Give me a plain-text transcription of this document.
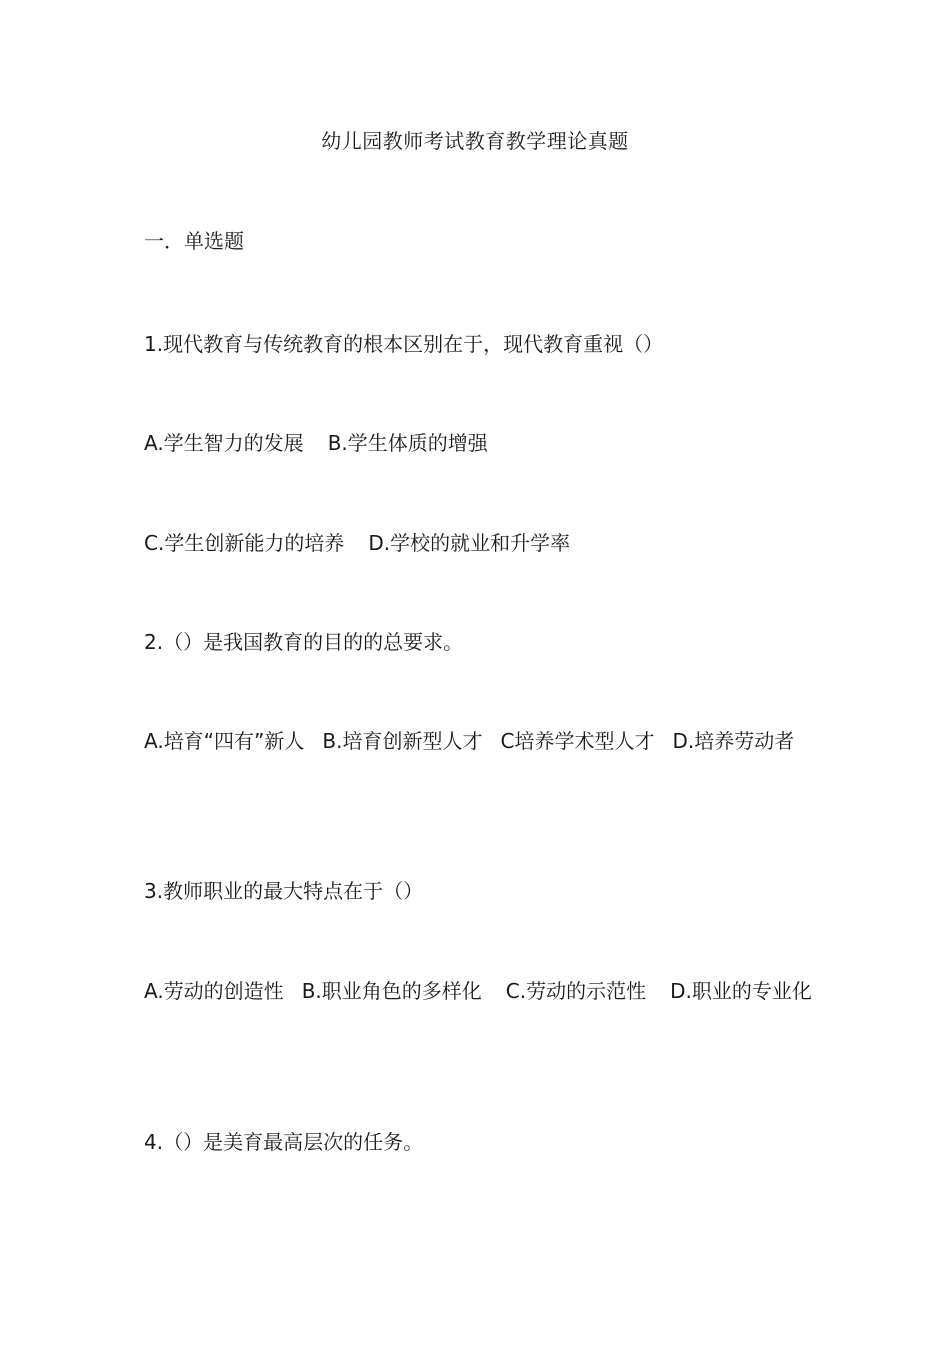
幼儿园教师考试教育教学理论真题
一．单选题
1.现代教育与传统教育的根本区别在于，现代教育重视（）
A.学生智力的发展 B.学生体质的增强
C.学生创新能力的培养 D.学校的就业和升学率
2.（）是我国教育的目的的总要求。
A.培育“四有”新人 B.培育创新型人才 C培养学术型人才 D.培养劳动者
3.教师职业的最大特点在于（）
A.劳动的创造性 B.职业角色的多样化 C.劳动的示范性 D.职业的专业化
4.（）是美育最高层次的任务。
